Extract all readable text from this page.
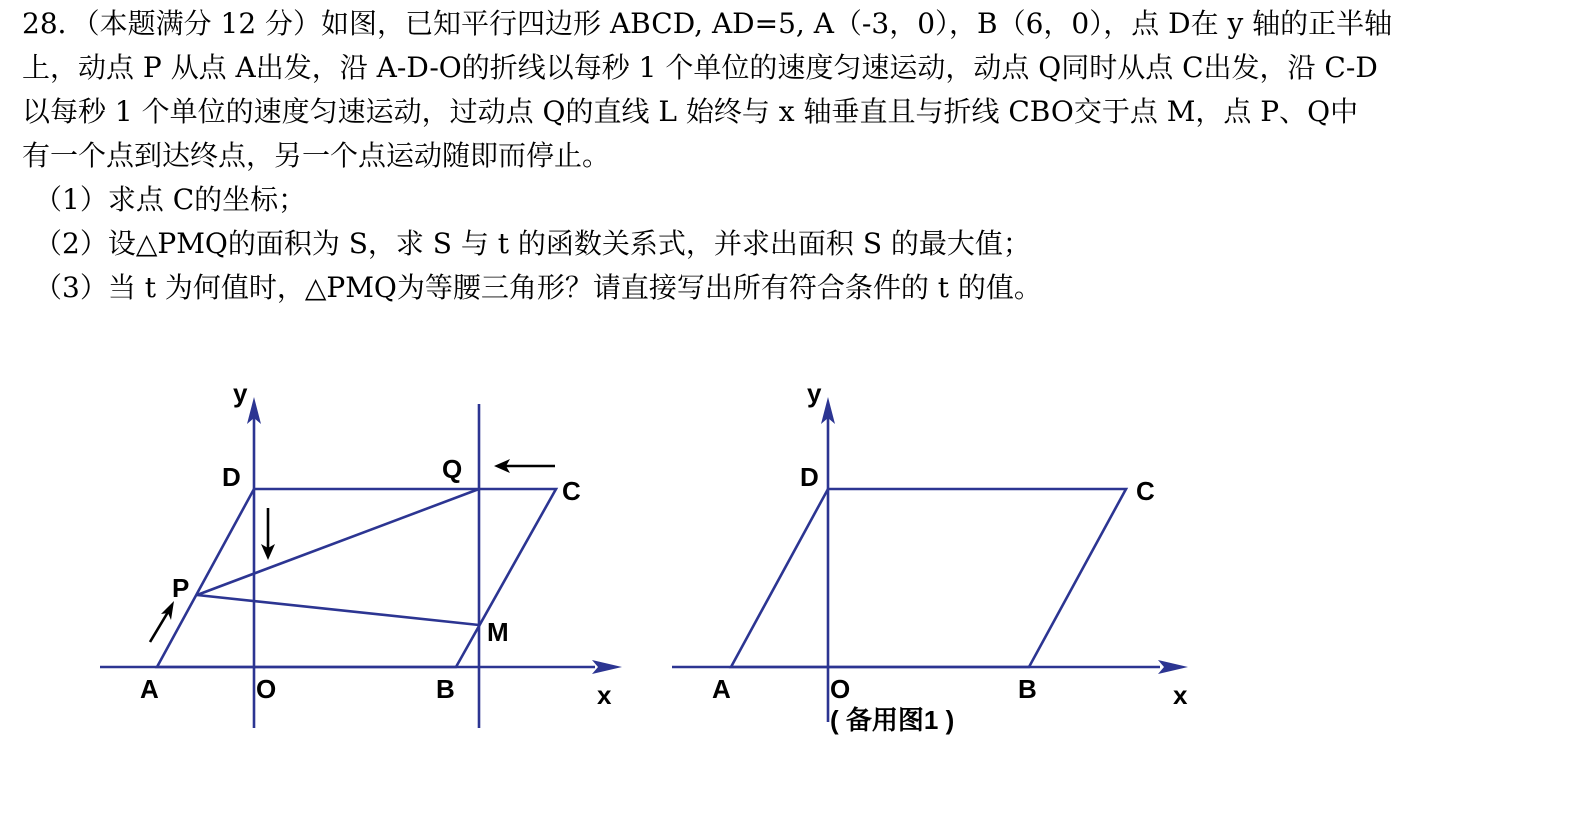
28．（本题满分 12 分）如图，已知平行四边形 ABCD, AD=5, A（-3，0），B（6，0），点 D在 y 轴的正半轴

上，动点 P 从点 A出发，沿 A-D-O的折线以每秒 1 个单位的速度匀速运动，动点 Q同时从点 C出发，沿 C-D

以每秒 1 个单位的速度匀速运动，过动点 Q的直线 L 始终与 x 轴垂直且与折线 CBO交于点 M，点 P、Q中

有一个点到达终点，另一个点运动随即而停止。

（1）求点 C的坐标；

（2）设△PMQ的面积为 S，求 S 与 t 的函数关系式，并求出面积 S 的最大值；

（3）当 t 为何值时，△PMQ为等腰三角形？请直接写出所有符合条件的 t 的值。

y
D	Q
C
P
M
A	O	B	x
y
D	C
A	O	B	x
( 备用图1 )
